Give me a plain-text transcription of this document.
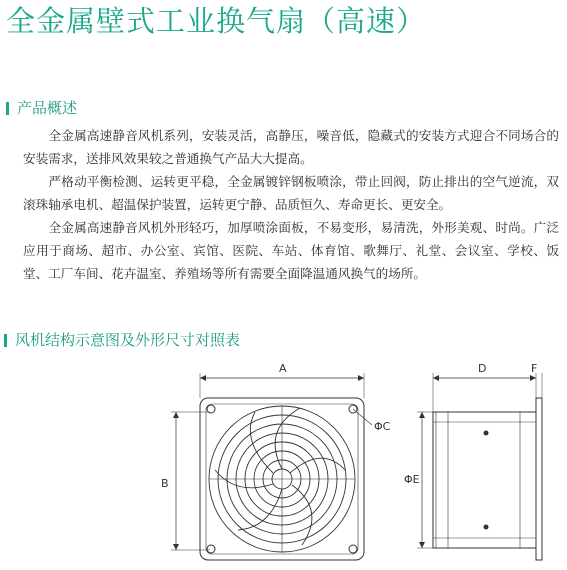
全金属壁式工业换气扇（高速）
产品概述

　　全金属高速静音风机系列，安装灵活，高静压，噪音低，隐藏式的安装方式迎合不同场合的安装需求，送排风效果较之普通换气产品大大提高。

　　严格动平衡检测、运转更平稳，全金属镀锌钢板喷涂，带止回阀，防止排出的空气逆流，双滚珠轴承电机、超温保护装置，运转更宁静、品质恒久、寿命更长、更安全。

　　全金属高速静音风机外形轻巧，加厚喷涂面板，不易变形，易清洗，外形美观、时尚。广泛应用于商场、超市、办公室、宾馆、医院、车站、体育馆、歌舞厅、礼堂、会议室、学校、饭堂、工厂车间、花卉温室、养殖场等所有需要全面降温通风换气的场所。

风机结构示意图及外形尺寸对照表
A
B
ΦC
D
ΦE
F
